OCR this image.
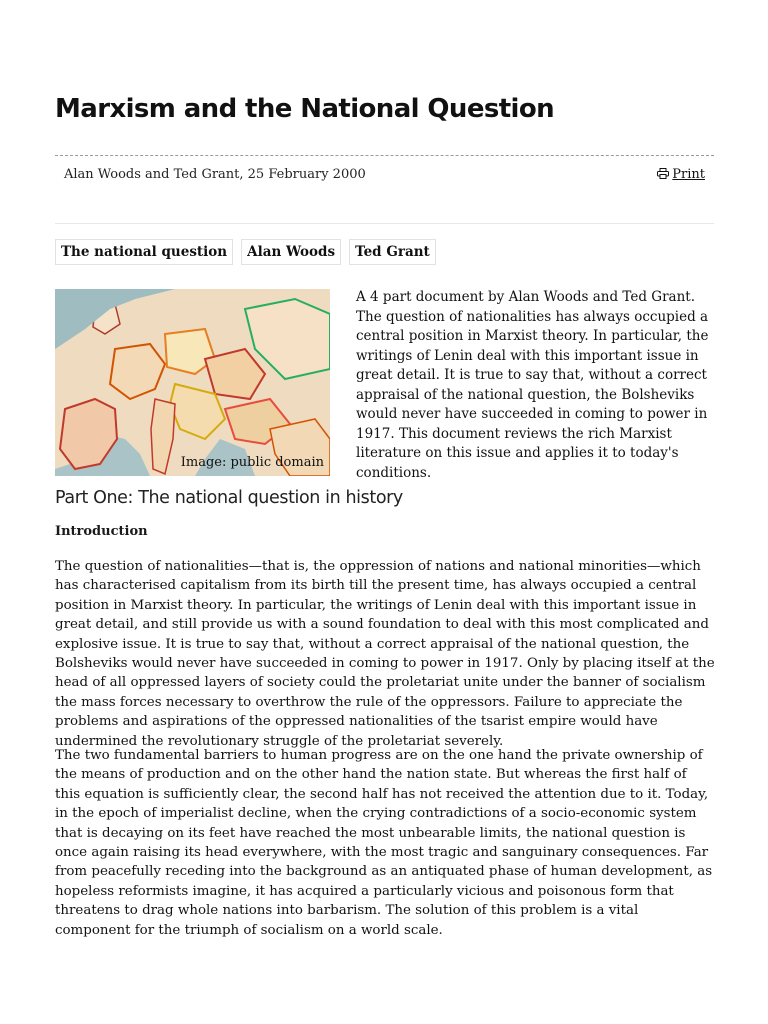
Marxism and the National Question
Alan Woods and Ted Grant, 25 February 2000	Print
The national question	Alan Woods	Ted Grant
Image: public domain

A 4 part document by Alan Woods and Ted Grant. The question of nationalities has always occupied a central position in Marxist theory. In particular, the writings of Lenin deal with this important issue in great detail. It is true to say that, without a correct appraisal of the national question, the Bolsheviks would never have succeeded in coming to power in 1917. This document reviews the rich Marxist literature on this issue and applies it to today's conditions.

Part One: The national question in history

Introduction

The question of nationalities—that is, the oppression of nations and national minorities—which has characterised capitalism from its birth till the present time, has always occupied a central position in Marxist theory. In particular, the writings of Lenin deal with this important issue in great detail, and still provide us with a sound foundation to deal with this most complicated and explosive issue. It is true to say that, without a correct appraisal of the national question, the Bolsheviks would never have succeeded in coming to power in 1917. Only by placing itself at the head of all oppressed layers of society could the proletariat unite under the banner of socialism the mass forces necessary to overthrow the rule of the oppressors. Failure to appreciate the problems and aspirations of the oppressed nationalities of the tsarist empire would have undermined the revolutionary struggle of the proletariat severely.

The two fundamental barriers to human progress are on the one hand the private ownership of the means of production and on the other hand the nation state. But whereas the first half of this equation is sufficiently clear, the second half has not received the attention due to it. Today, in the epoch of imperialist decline, when the crying contradictions of a socio-economic system that is decaying on its feet have reached the most unbearable limits, the national question is once again raising its head everywhere, with the most tragic and sanguinary consequences. Far from peacefully receding into the background as an antiquated phase of human development, as hopeless reformists imagine, it has acquired a particularly vicious and poisonous form that threatens to drag whole nations into barbarism. The solution of this problem is a vital component for the triumph of socialism on a world scale.
